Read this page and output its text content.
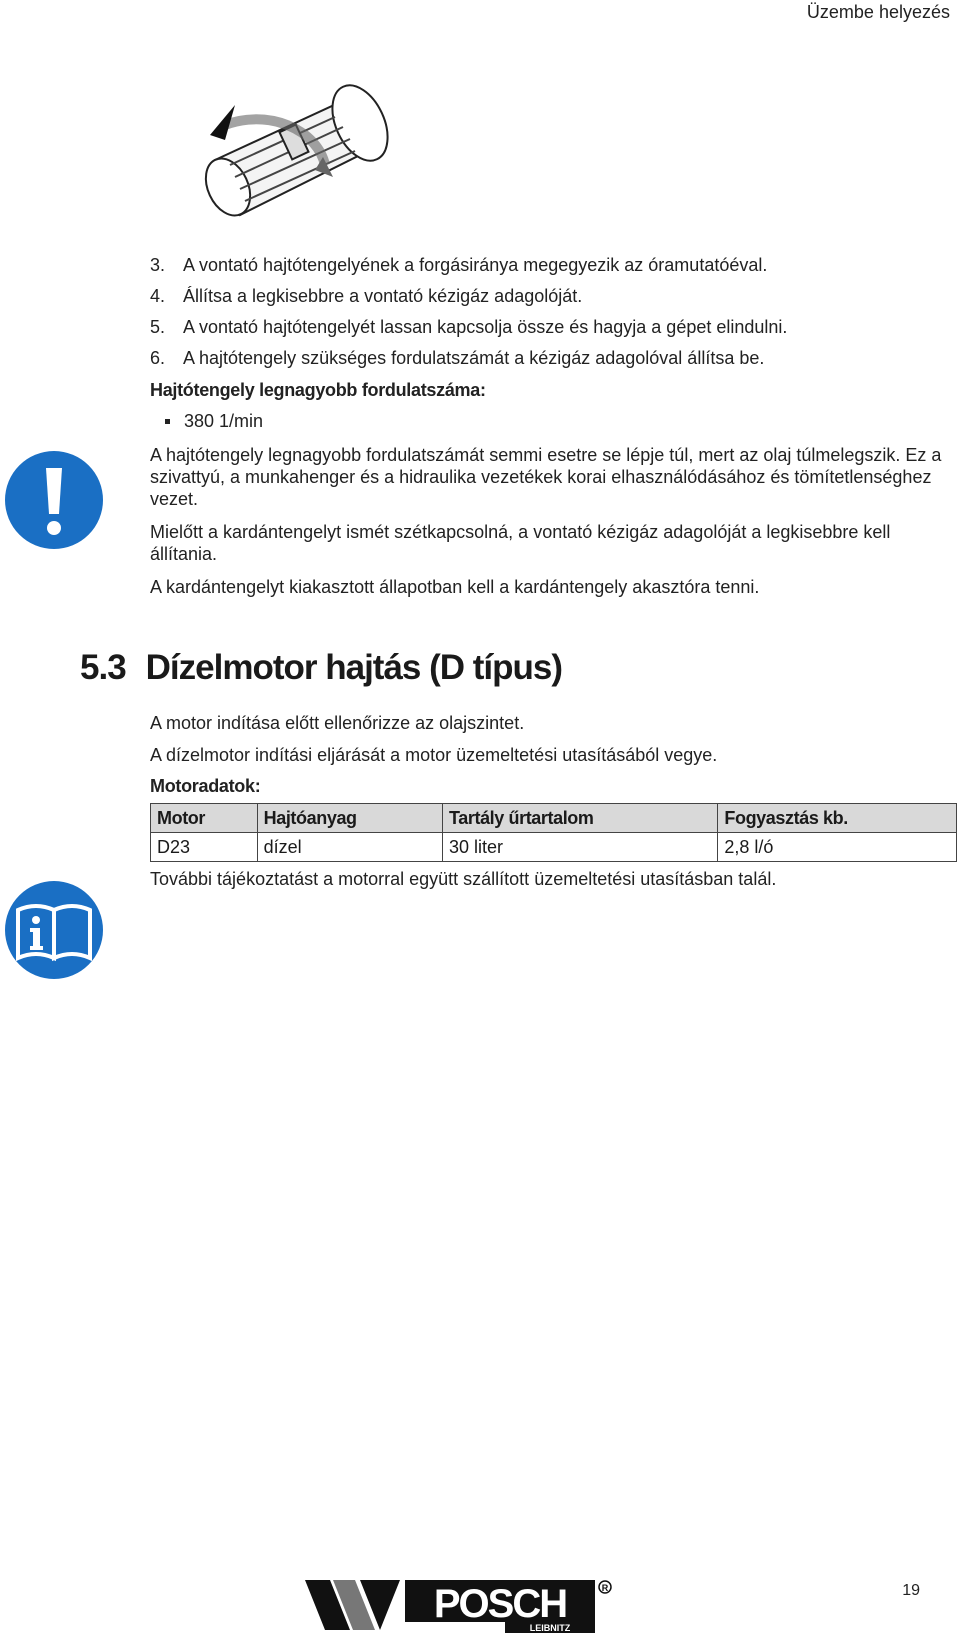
Üzembe helyezés
3. A vontató hajtótengelyének a forgásiránya megegyezik az óramutatóéval.
4. Állítsa a legkisebbre a vontató kézigáz adagolóját.
5. A vontató hajtótengelyét lassan kapcsolja össze és hagyja a gépet elindulni.
6. A hajtótengely szükséges fordulatszámát a kézigáz adagolóval állítsa be.
Hajtótengely legnagyobb fordulatszáma:
380 1/min

A hajtótengely legnagyobb fordulatszámát semmi esetre se lépje túl, mert az olaj túlmelegszik. Ez a szivattyú, a munkahenger és a hidraulika vezetékek korai elhasználódásához és tömítetlenséghez vezet.

Mielőtt a kardántengelyt ismét szétkapcsolná, a vontató kézigáz adagolóját a legkisebbre kell állítania.

A kardántengelyt kiakasztott állapotban kell a kardántengely akasztóra tenni.

5.3 Dízelmotor hajtás (D típus)

A motor indítása előtt ellenőrizze az olajszintet.

A dízelmotor indítási eljárását a motor üzemeltetési utasításából vegye.

Motoradatok:
Motor	Hajtóanyag	Tartály űrtartalom	Fogyasztás kb.
D23	dízel	30 liter	2,8 l/ó

További tájékoztatást a motorral együtt szállított üzemeltetési utasításban talál.

POSCH
LEIBNITZ
R	19
